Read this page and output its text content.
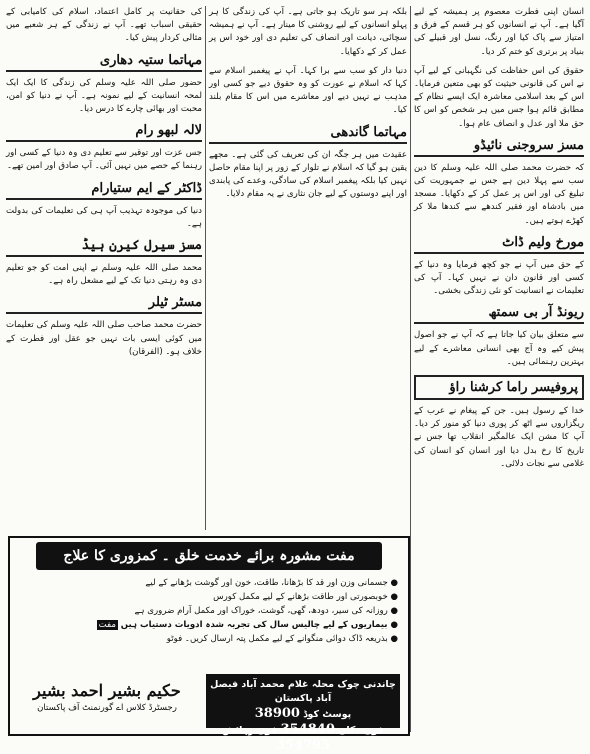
انسان اپنی فطرت معصوم پر ہمیشہ کے لیے آگیا ہے۔ آپ نے انسانوں کو ہر قسم کے فرق و امتیاز سے پاک کیا اور رنگ، نسل اور قبیلے کی بنیاد پر برتری کو ختم کر دیا۔

حقوق کی اس حفاظت کی نگہبانی کے لیے آپ نے اس کی قانونی حیثیت کو بھی متعین فرمایا۔ اس کے بعد اسلامی معاشرہ ایک ایسے نظام کے مطابق قائم ہوا جس میں ہر شخص کو اس کا حق ملا اور عدل و انصاف عام ہوا۔

مسز سروجنی نائیڈو

کہ حضرت محمد صلی اللہ علیہ وسلم کا دین سب سے پہلا دین ہے جس نے جمہوریت کی تبلیغ کی اور اس پر عمل کر کے دکھایا۔ مسجد میں بادشاہ اور فقیر کندھے سے کندھا ملا کر کھڑے ہوتے ہیں۔

مورخ ولیم ڈاٹ

کے حق میں آپ نے جو کچھ فرمایا وہ دنیا کے کسی اور قانون دان نے نہیں کہا۔ آپ کی تعلیمات نے انسانیت کو نئی زندگی بخشی۔

ریونڈ آر بی سمتھ

سے متعلق بیان کیا جاتا ہے کہ آپ نے جو اصول پیش کیے وہ آج بھی انسانی معاشرے کے لیے بہترین رہنمائی ہیں۔

پروفیسر راما کرشنا راؤ

خدا کے رسول ہیں۔ جن کے پیغام نے عرب کے ریگزاروں سے اٹھ کر پوری دنیا کو منور کر دیا۔ آپ کا مشن ایک عالمگیر انقلاب تھا جس نے تاریخ کا رخ بدل دیا اور انسان کو انسان کی غلامی سے نجات دلائی۔

بلکہ ہر سو تاریک ہو جاتی ہے۔ آپ کی زندگی کا ہر پہلو انسانوں کے لیے روشنی کا مینار ہے۔ آپ نے ہمیشہ سچائی، دیانت اور انصاف کی تعلیم دی اور خود اس پر عمل کر کے دکھایا۔

دنیا دار کو سب سے برا کہا۔ آپ نے پیغمبر اسلام سے کہا کہ اسلام نے عورت کو وہ حقوق دیے جو کسی اور مذہب نے نہیں دیے اور معاشرے میں اس کا مقام بلند کیا۔

مہاتما گاندھی

عقیدت میں ہر جگہ ان کی تعریف کی گئی ہے۔ مجھے یقین ہو گیا کہ اسلام نے تلوار کے زور پر اپنا مقام حاصل نہیں کیا بلکہ پیغمبر اسلام کی سادگی، وعدے کی پابندی اور اپنے دوستوں کے لیے جان نثاری نے یہ مقام دلایا۔

کی حقانیت پر کامل اعتماد، اسلام کی کامیابی کے حقیقی اسباب تھے۔ آپ نے زندگی کے ہر شعبے میں مثالی کردار پیش کیا۔

مہاتما ستیہ دھاری

حضور صلی اللہ علیہ وسلم کی زندگی کا ایک ایک لمحہ انسانیت کے لیے نمونہ ہے۔ آپ نے دنیا کو امن، محبت اور بھائی چارے کا درس دیا۔

لالہ لبھو رام

جس عزت اور توقیر سے تعلیم دی وہ دنیا کے کسی اور رہنما کے حصے میں نہیں آئی۔ آپ صادق اور امین تھے۔

ڈاکٹر کے ایم ستیارام

دنیا کی موجودہ تہذیب آپ ہی کی تعلیمات کی بدولت ہے۔

مسز سیرل کیرن ہیڈ

محمد صلی اللہ علیہ وسلم نے اپنی امت کو جو تعلیم دی وہ رہتی دنیا تک کے لیے مشعل راہ ہے۔

مسٹر ٹیلر

حضرت محمد صاحب صلی اللہ علیہ وسلم کی تعلیمات میں کوئی ایسی بات نہیں جو عقل اور فطرت کے خلاف ہو۔ (الفرقان)

مفت مشورہ برائے خدمت خلق ۔ کمزوری کا علاج

● جسمانی وزن اور قد کا بڑھانا، طاقت، خون اور گوشت بڑھانے کے لیے

● خوبصورتی اور طاقت بڑھانے کے لیے مکمل کورس

● روزانہ کی سیر، دودھ، گھی، گوشت، خوراک اور مکمل آرام ضروری ہے

● بیماریوں کے لیے چالیس سال کی تجربہ شدہ ادویات دستیاب ہیں مفت

● بذریعہ ڈاک دوائی منگوانے کے لیے مکمل پتہ ارسال کریں۔ فوٹو

چاندنی چوک محلہ غلام محمد آباد فیصل آباد پاکستان

پوسٹ کوڈ 38900

فون دکان 354840 فون رہائش 354795

حکیم بشیر احمد بشیر

رجسٹرڈ کلاس اے گورنمنٹ آف پاکستان
